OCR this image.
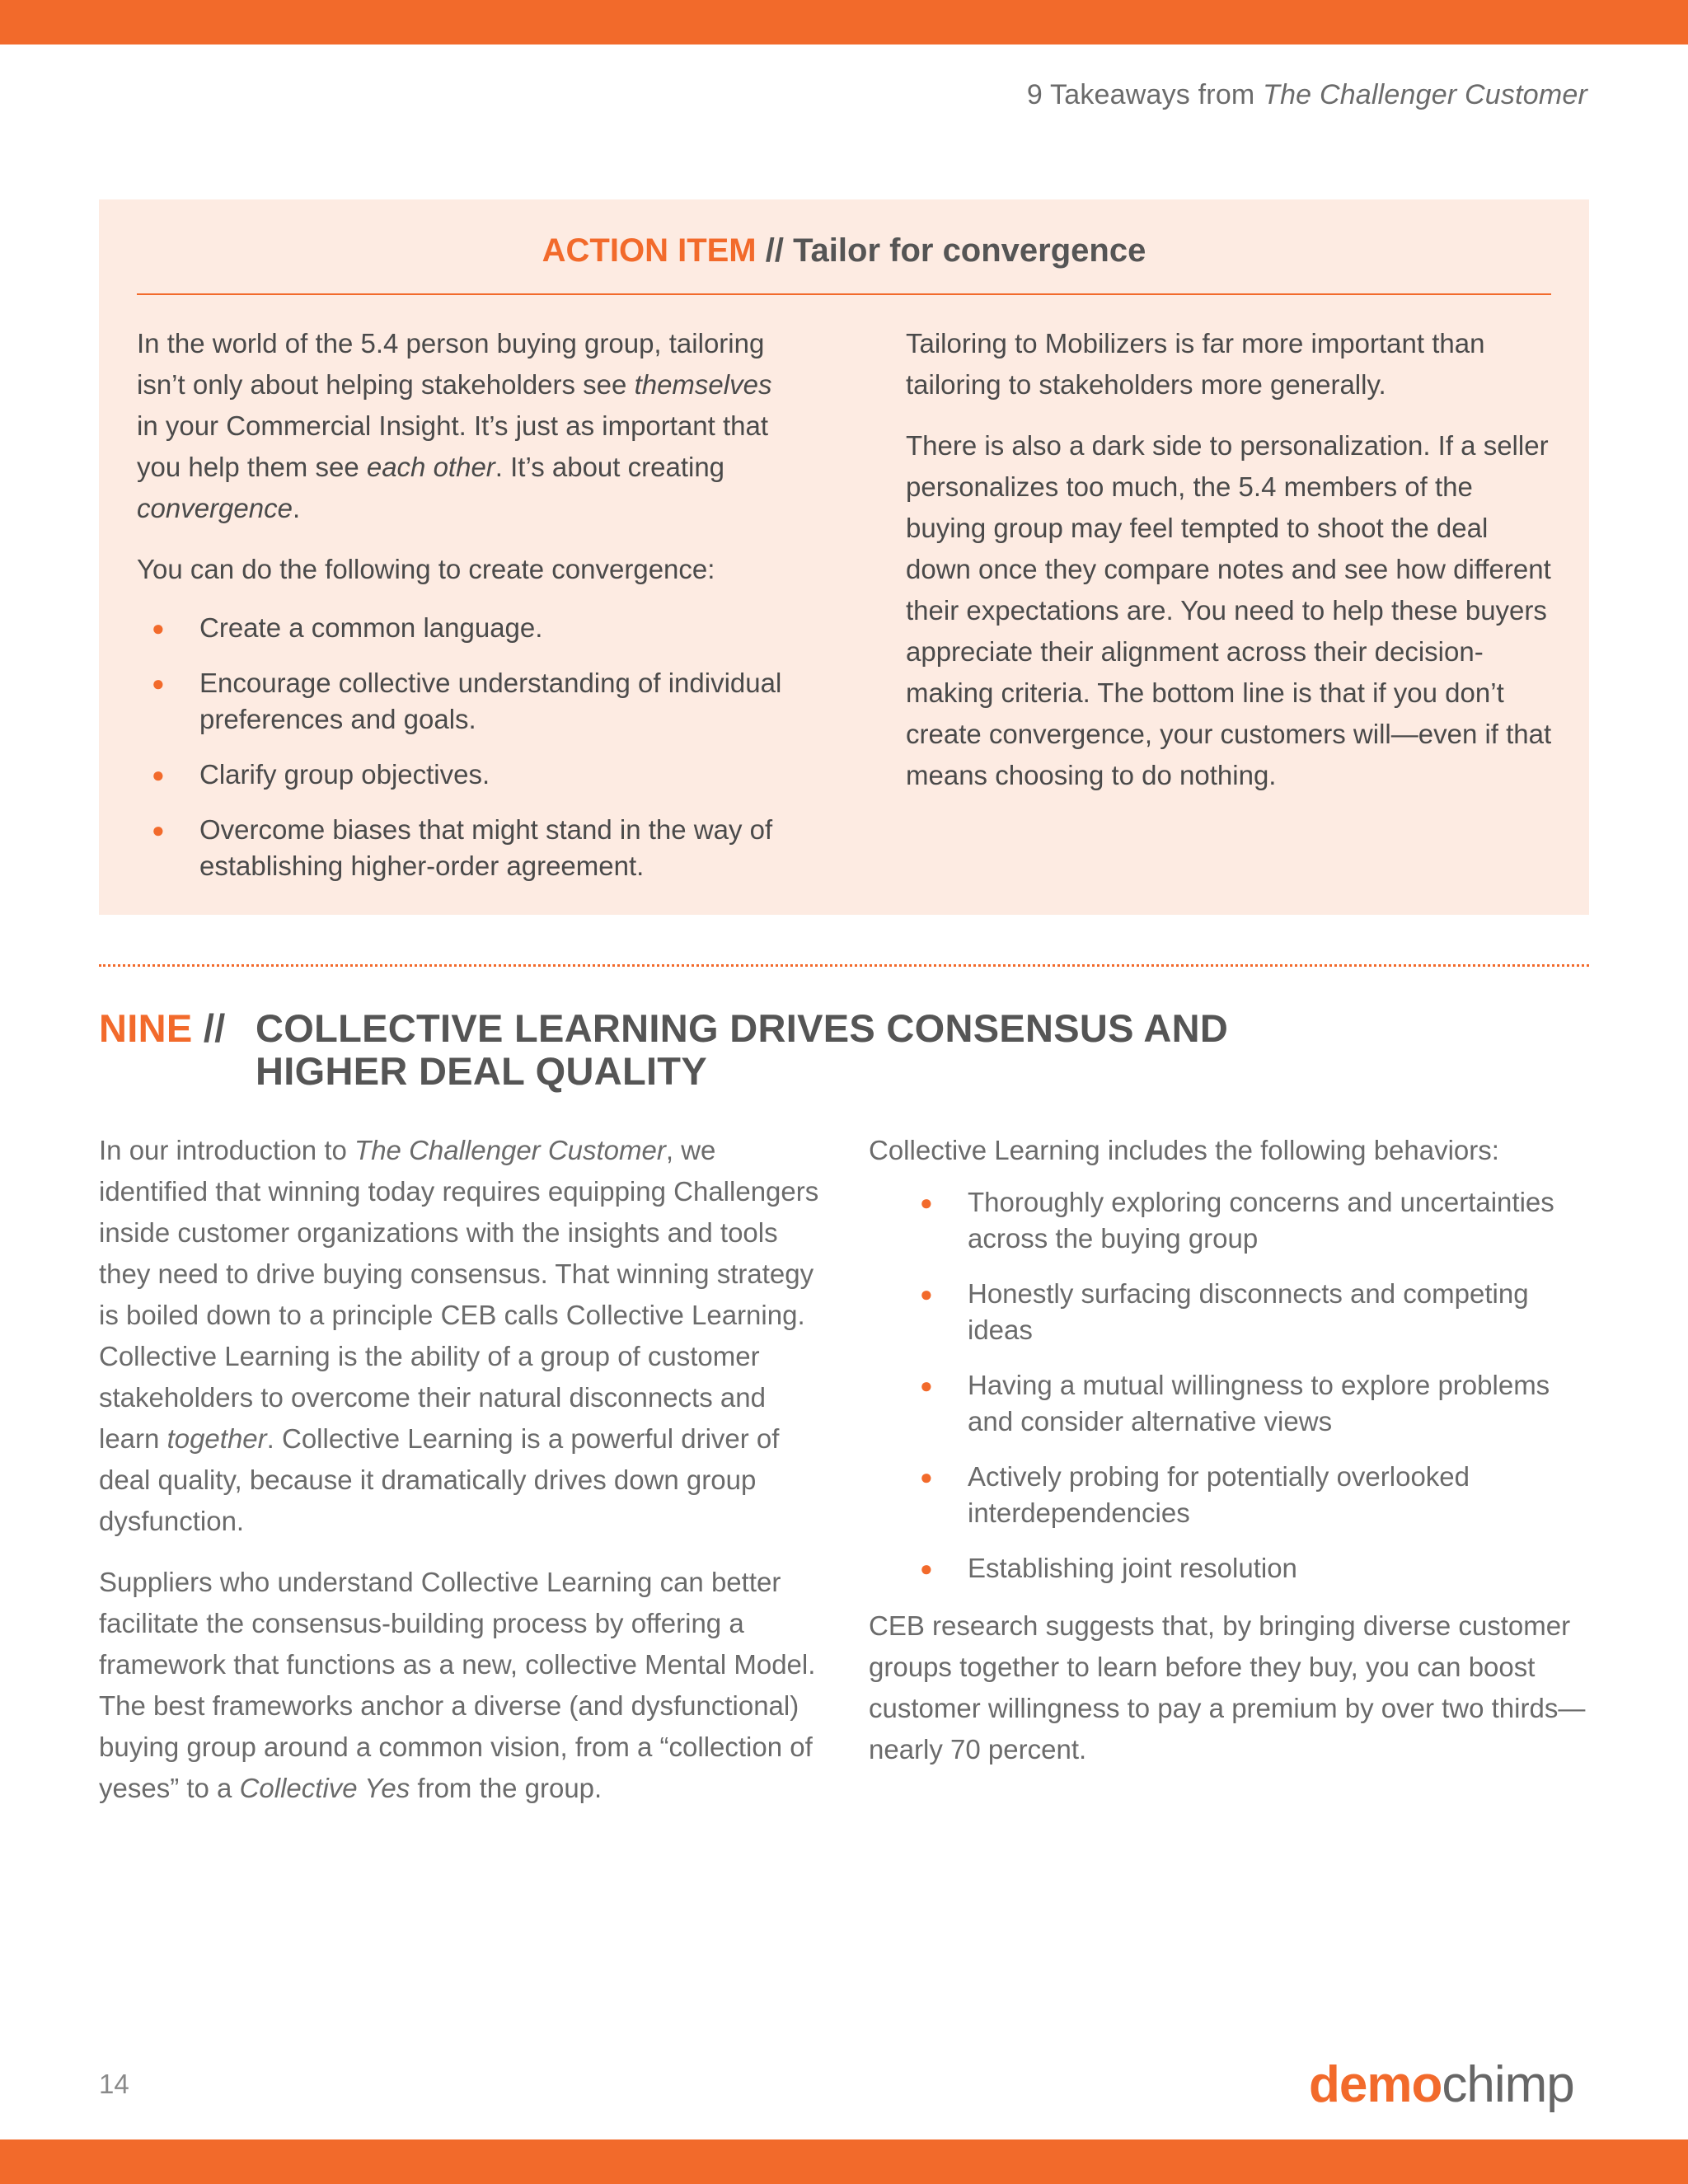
9 Takeaways from The Challenger Customer
ACTION ITEM // Tailor for convergence

In the world of the 5.4 person buying group, tailoring isn’t only about helping stakeholders see themselves in your Commercial Insight. It’s just as important that you help them see each other. It’s about creating convergence.

You can do the following to create convergence:

● Create a common language.
● Encourage collective understanding of individual preferences and goals.
● Clarify group objectives.
● Overcome biases that might stand in the way of establishing higher-order agreement.

Tailoring to Mobilizers is far more important than tailoring to stakeholders more generally.

There is also a dark side to personalization. If a seller personalizes too much, the 5.4 members of the buying group may feel tempted to shoot the deal down once they compare notes and see how different their expectations are. You need to help these buyers appreciate their alignment across their decision-making criteria. The bottom line is that if you don’t create convergence, your customers will—even if that means choosing to do nothing.

NINE // COLLECTIVE LEARNING DRIVES CONSENSUS AND HIGHER DEAL QUALITY

In our introduction to The Challenger Customer, we identified that winning today requires equipping Challengers inside customer organizations with the insights and tools they need to drive buying consensus. That winning strategy is boiled down to a principle CEB calls Collective Learning. Collective Learning is the ability of a group of customer stakeholders to overcome their natural disconnects and learn together. Collective Learning is a powerful driver of deal quality, because it dramatically drives down group dysfunction.

Suppliers who understand Collective Learning can better facilitate the consensus-building process by offering a framework that functions as a new, collective Mental Model. The best frameworks anchor a diverse (and dysfunctional) buying group around a common vision, from a “collection of yeses” to a Collective Yes from the group.

Collective Learning includes the following behaviors:

● Thoroughly exploring concerns and uncertainties across the buying group
● Honestly surfacing disconnects and competing ideas
● Having a mutual willingness to explore problems and consider alternative views
● Actively probing for potentially overlooked interdependencies
● Establishing joint resolution

CEB research suggests that, by bringing diverse customer groups together to learn before they buy, you can boost customer willingness to pay a premium by over two thirds—nearly 70 percent.

14	demochimp
